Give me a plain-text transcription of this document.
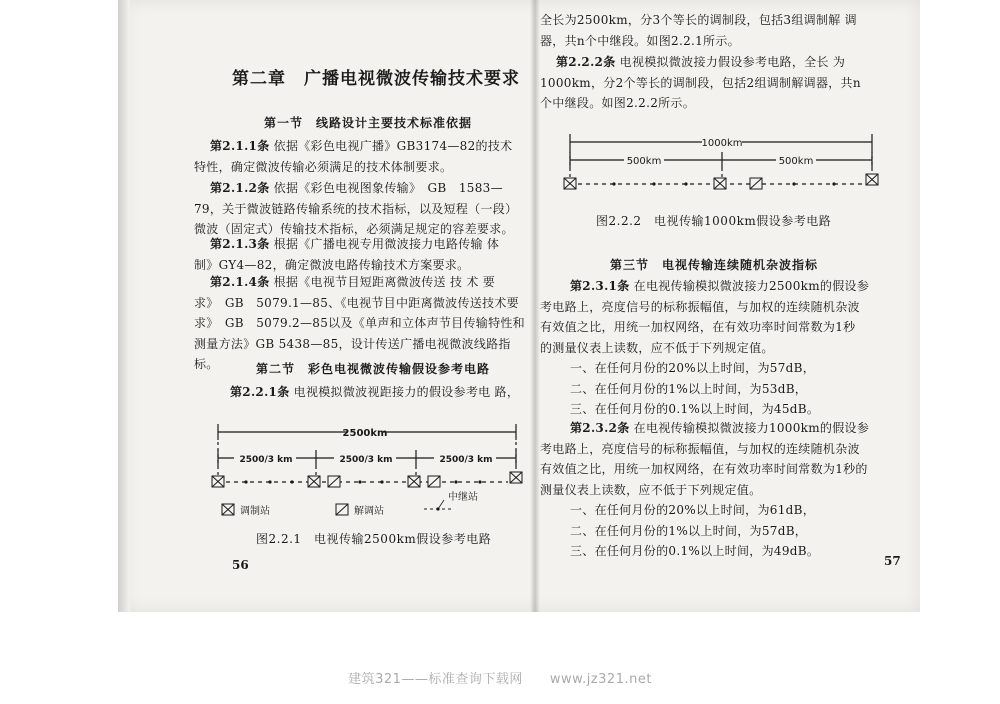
第二章　广播电视微波传输技术要求
第一节　线路设计主要技术标准依据

第2.1.1条 依据《彩色电视广播》GB3174—82的技术

特性，确定微波传输必须满足的技术体制要求。

第2.1.2条 依据《彩色电视图象传输》　GB　1583—

79，关于微波链路传输系统的技术指标，以及短程（一段）

微波（固定式）传输技术指标，必须满足规定的容差要求。

第2.1.3条 根据《广播电视专用微波接力电路传输 体

制》GY4—82，确定微波电路传输技术方案要求。

第2.1.4条 根据《电视节目短距离微波传送 技 术 要

求》　GB　5079.1—85、《电视节目中距离微波传送技术要

求》　GB　5079.2—85以及《单声和立体声节目传输特性和

测量方法》GB 5438—85，设计传送广播电视微波线路指标。	第二节　彩色电视微波传输假设参考电路
第2.2.1条 电视模拟微波视距接力的假设参考电 路，
2500km
2500/3 km	2500/3 km	2500/3 km
调制站	解调站
中继站
图2.2.1　电视传输2500km假设参考电路
56

全长为2500km，分3个等长的调制段，包括3组调制解 调

器，共n个中继段。如图2.2.1所示。

第2.2.2条 电视模拟微波接力假设参考电路，全长 为

1000km，分2个等长的调制段，包括2组调制解调器，共n

个中继段。如图2.2.2所示。

1000km
500km	500km
图2.2.2　电视传输1000km假设参考电路
第三节　电视传输连续随机杂波指标

第2.3.1条 在电视传输模拟微波接力2500km的假设参

考电路上，亮度信号的标称振幅值，与加权的连续随机杂波

有效值之比，用统一加权网络，在有效功率时间常数为1秒

的测量仪表上读数，应不低于下列规定值。

一、在任何月份的20%以上时间，为57dB，

二、在任何月份的1%以上时间，为53dB，

三、在任何月份的0.1%以上时间，为45dB。

第2.3.2条 在电视传输模拟微波接力1000km的假设参

考电路上，亮度信号的标称振幅值，与加权的连续随机杂波

有效值之比，用统一加权网络，在有效功率时间常数为1秒的

测量仪表上读数，应不低于下列规定值。

一、在任何月份的20%以上时间，为61dB，

二、在任何月份的1%以上时间，为57dB，

三、在任何月份的0.1%以上时间，为49dB。

57
建筑321——标准查询下载网　　www.jz321.net
